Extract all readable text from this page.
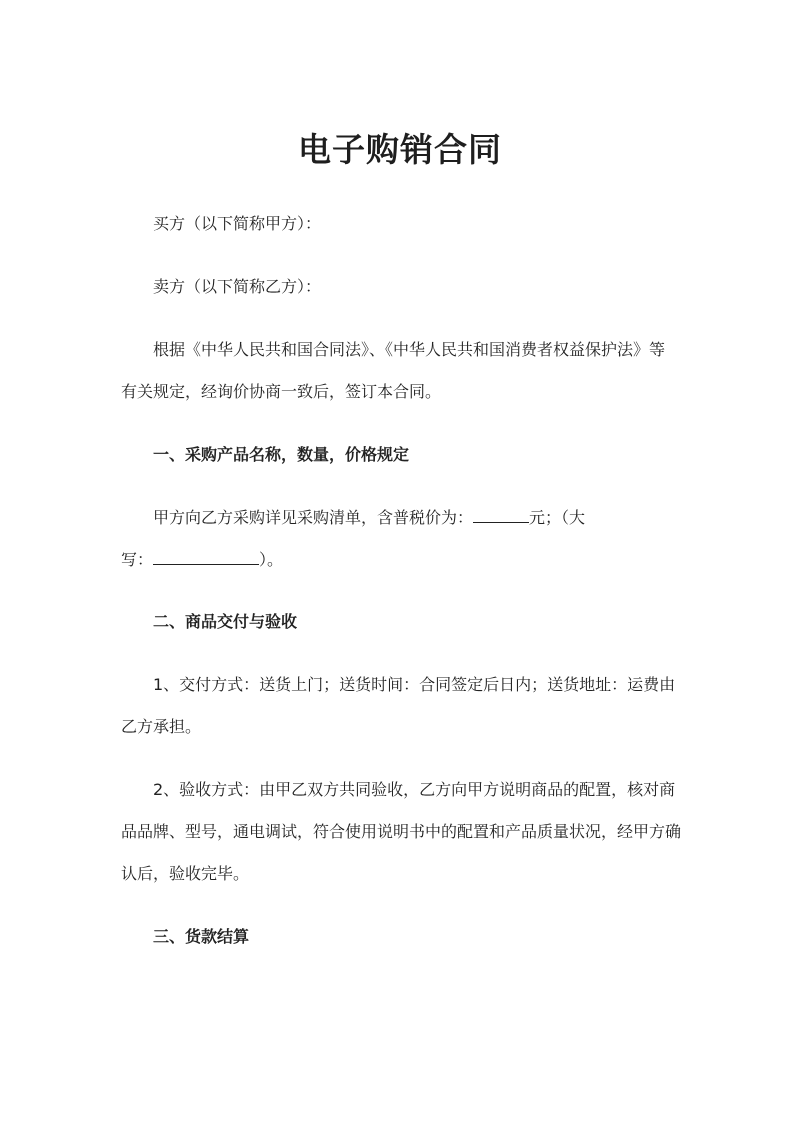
电子购销合同
买方（以下简称甲方）：
卖方（以下简称乙方）：
根据《中华人民共和国合同法》、《中华人民共和国消费者权益保护法》等
有关规定，经询价协商一致后，签订本合同。
一、采购产品名称，数量，价格规定
甲方向乙方采购详见采购清单，含普税价为：	元；（大
写：	）。
二、商品交付与验收
1、交付方式：送货上门；送货时间：合同签定后日内；送货地址：运费由
乙方承担。
2、验收方式：由甲乙双方共同验收，乙方向甲方说明商品的配置，核对商
品品牌、型号，通电调试，符合使用说明书中的配置和产品质量状况，经甲方确
认后，验收完毕。
三、货款结算
